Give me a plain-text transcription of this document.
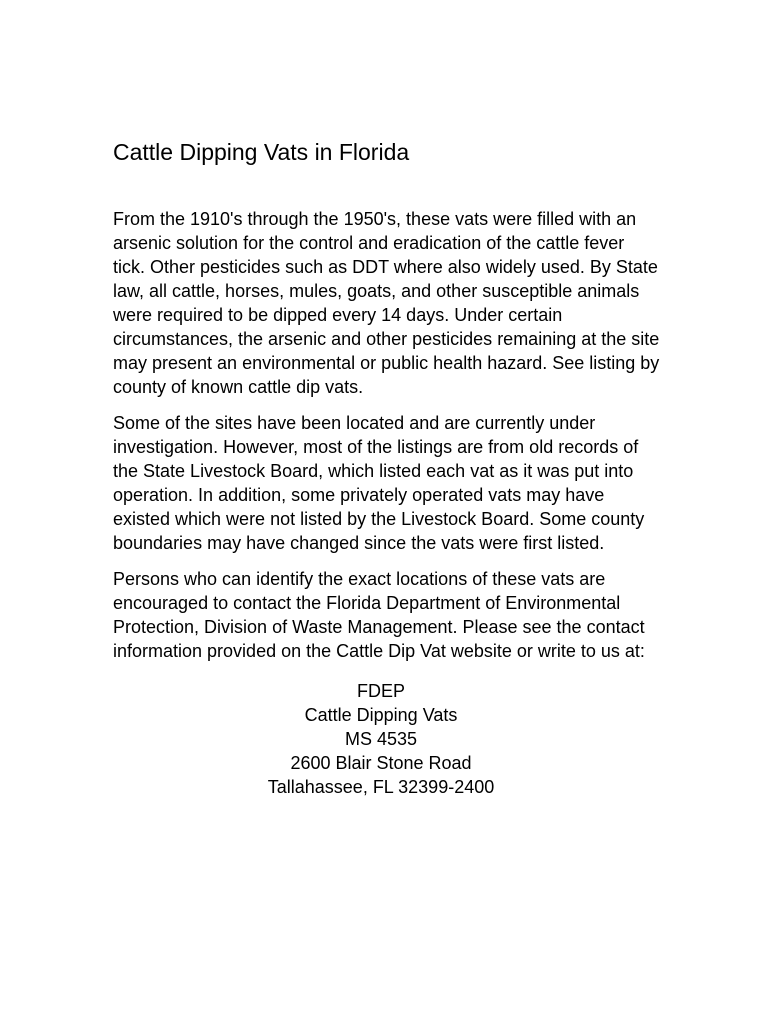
Cattle Dipping Vats in Florida

From the 1910's through the 1950's, these vats were filled with an arsenic solution for the control and eradication of the cattle fever tick. Other pesticides such as DDT where also widely used. By State law, all cattle, horses, mules, goats, and other susceptible animals were required to be dipped every 14 days. Under certain circumstances, the arsenic and other pesticides remaining at the site may present an environmental or public health hazard. See listing by county of known cattle dip vats.

Some of the sites have been located and are currently under investigation. However, most of the listings are from old records of the State Livestock Board, which listed each vat as it was put into operation. In addition, some privately operated vats may have existed which were not listed by the Livestock Board. Some county boundaries may have changed since the vats were first listed.

Persons who can identify the exact locations of these vats are encouraged to contact the Florida Department of Environmental Protection, Division of Waste Management. Please see the contact information provided on the Cattle Dip Vat website or write to us at:

FDEP
Cattle Dipping Vats
MS 4535
2600 Blair Stone Road
Tallahassee, FL 32399-2400
